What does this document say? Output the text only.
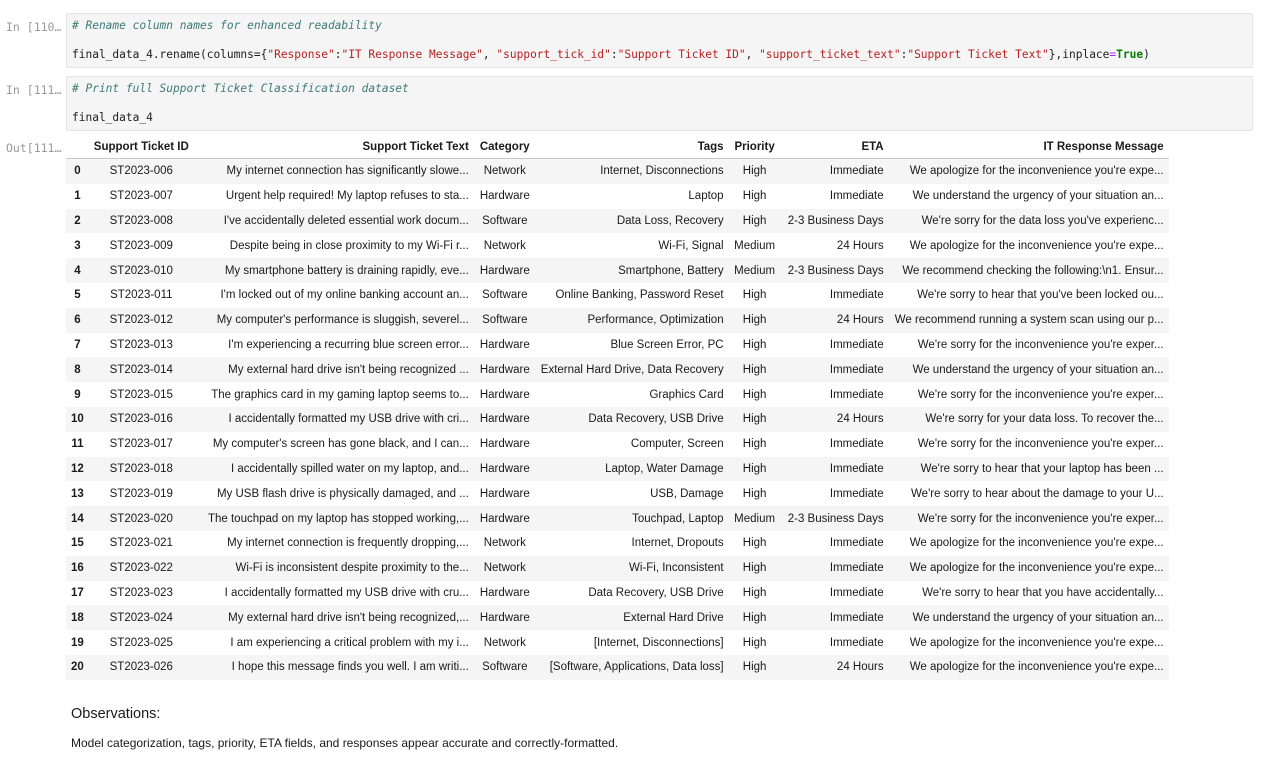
In [110… # Rename column names for enhanced readability
final_data_4.rename(columns={"Response":"IT Response Message", "support_tick_id":"Support Ticket ID", "support_ticket_text":"Support Ticket Text"},inplace=True)
In [111… # Print full Support Ticket Classification dataset
final_data_4
Out[111…
		Support Ticket ID	Support Ticket Text	Category	Tags	Priority	ETA	IT Response Message
0	ST2023-006	My internet connection has significantly slowe...	Network	Internet, Disconnections	High	Immediate	We apologize for the inconvenience you're expe...
1	ST2023-007	Urgent help required! My laptop refuses to sta...	Hardware	Laptop	High	Immediate	We understand the urgency of your situation an...
2	ST2023-008	I've accidentally deleted essential work docum...	Software	Data Loss, Recovery	High	2-3 Business Days	We're sorry for the data loss you've experienc...
3	ST2023-009	Despite being in close proximity to my Wi-Fi r...	Network	Wi-Fi, Signal	Medium	24 Hours	We apologize for the inconvenience you're expe...
4	ST2023-010	My smartphone battery is draining rapidly, eve...	Hardware	Smartphone, Battery	Medium	2-3 Business Days	We recommend checking the following:\n1. Ensur...
5	ST2023-011	I'm locked out of my online banking account an...	Software	Online Banking, Password Reset	High	Immediate	We're sorry to hear that you've been locked ou...
6	ST2023-012	My computer's performance is sluggish, severel...	Software	Performance, Optimization	High	24 Hours	We recommend running a system scan using our p...
7	ST2023-013	I'm experiencing a recurring blue screen error...	Hardware	Blue Screen Error, PC	High	Immediate	We're sorry for the inconvenience you're exper...
8	ST2023-014	My external hard drive isn't being recognized ...	Hardware	External Hard Drive, Data Recovery	High	Immediate	We understand the urgency of your situation an...
9	ST2023-015	The graphics card in my gaming laptop seems to...	Hardware	Graphics Card	High	Immediate	We're sorry for the inconvenience you're exper...
10	ST2023-016	I accidentally formatted my USB drive with cri...	Hardware	Data Recovery, USB Drive	High	24 Hours	We're sorry for your data loss. To recover the...
11	ST2023-017	My computer's screen has gone black, and I can...	Hardware	Computer, Screen	High	Immediate	We're sorry for the inconvenience you're exper...
12	ST2023-018	I accidentally spilled water on my laptop, and...	Hardware	Laptop, Water Damage	High	Immediate	We're sorry to hear that your laptop has been ...
13	ST2023-019	My USB flash drive is physically damaged, and ...	Hardware	USB, Damage	High	Immediate	We're sorry to hear about the damage to your U...
14	ST2023-020	The touchpad on my laptop has stopped working,...	Hardware	Touchpad, Laptop	Medium	2-3 Business Days	We're sorry for the inconvenience you're exper...
15	ST2023-021	My internet connection is frequently dropping,...	Network	Internet, Dropouts	High	Immediate	We apologize for the inconvenience you're expe...
16	ST2023-022	Wi-Fi is inconsistent despite proximity to the...	Network	Wi-Fi, Inconsistent	High	Immediate	We apologize for the inconvenience you're expe...
17	ST2023-023	I accidentally formatted my USB drive with cru...	Hardware	Data Recovery, USB Drive	High	Immediate	We're sorry to hear that you have accidentally...
18	ST2023-024	My external hard drive isn't being recognized,...	Hardware	External Hard Drive	High	Immediate	We understand the urgency of your situation an...
19	ST2023-025	I am experiencing a critical problem with my i...	Network	[Internet, Disconnections]	High	Immediate	We apologize for the inconvenience you're expe...
20	ST2023-026	I hope this message finds you well. I am writi...	Software	[Software, Applications, Data loss]	High	24 Hours	We apologize for the inconvenience you're expe...
Observations:
Model categorization, tags, priority, ETA fields, and responses appear accurate and correctly-formatted.
